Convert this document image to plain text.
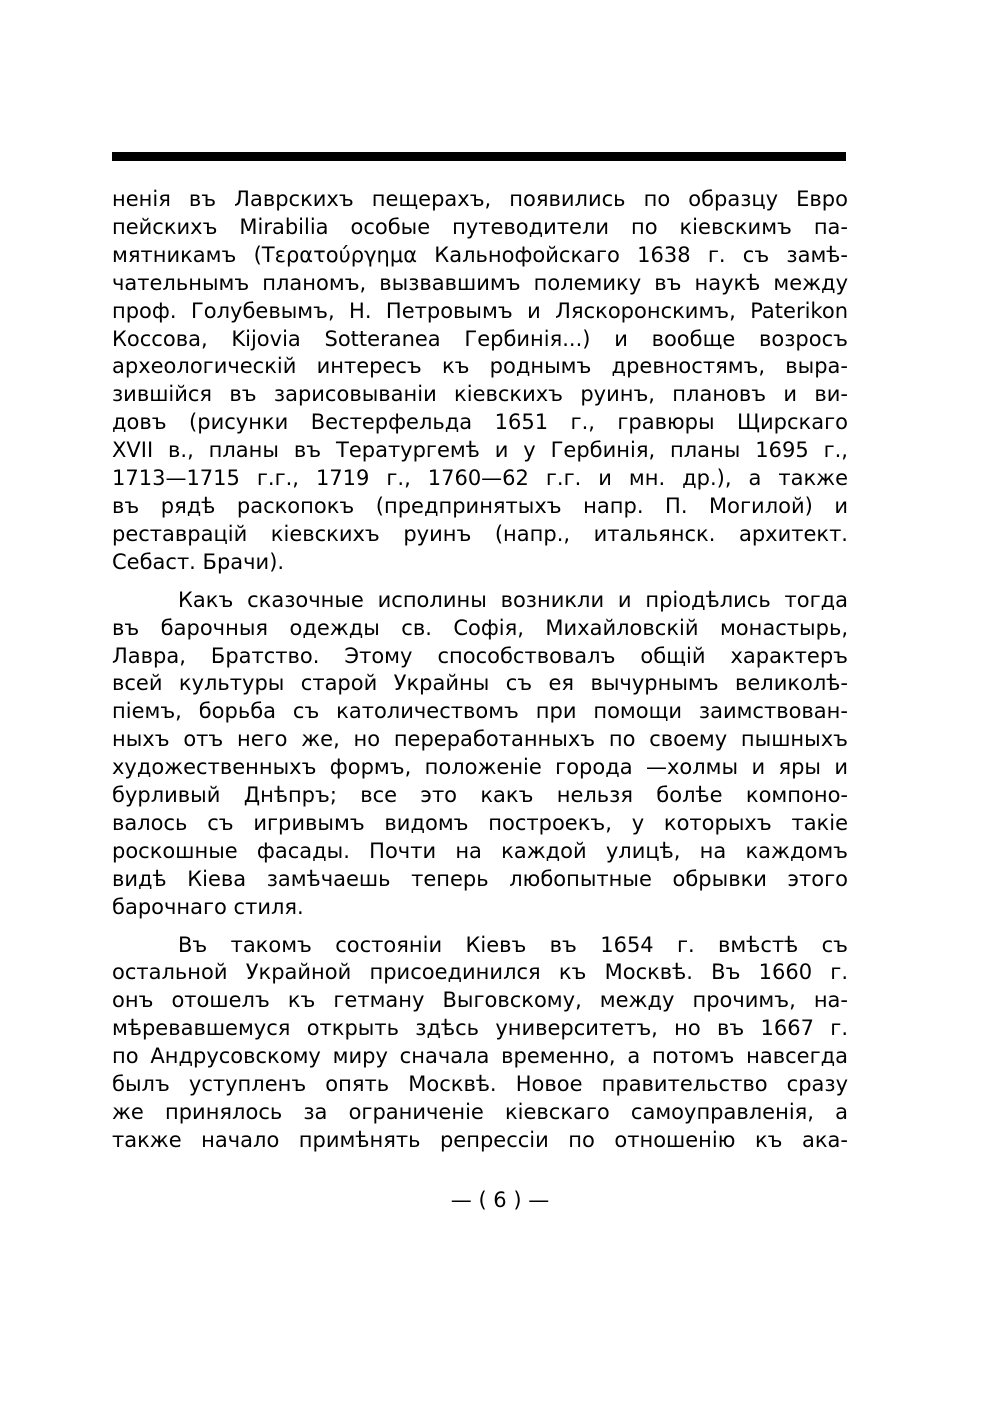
ненія въ Лаврскихъ пещерахъ, появились по образцу Евро
пейскихъ Mirabilia особые путеводители по кіевскимъ па-
мятникамъ (Τερατούργημα Кальнофойскаго 1638 г. съ замѣ-
чательнымъ планомъ, вызвавшимъ полемику въ наукѣ между
проф. Голубевымъ, Н. Петровымъ и Ляскоронскимъ, Paterikon
Коссова, Kijovia Sotteranea Гербинія...) и вообще возросъ
археологическій интересъ къ роднымъ древностямъ, выра-
зившійся въ зарисовываніи кіевскихъ руинъ, плановъ и ви-
довъ (рисунки Вестерфельда 1651 г., гравюры Щирскаго
XVII в., планы въ Тератургемѣ и у Гербинія, планы 1695 г.,
1713—1715 г.г., 1719 г., 1760—62 г.г. и мн. др.), а также
въ рядѣ раскопокъ (предпринятыхъ напр. П. Могилой) и
реставрацій кіевскихъ руинъ (напр., итальянск. архитект.
Себаст. Брачи).
Какъ сказочные исполины возникли и пріодѣлись тогда
въ барочныя одежды св. Софія, Михайловскій монастырь,
Лавра, Братство. Этому способствовалъ общій характеръ
всей культуры старой Украйны съ ея вычурнымъ великолѣ-
піемъ, борьба съ католичествомъ при помощи заимствован-
ныхъ отъ него же, но переработанныхъ по своему пышныхъ
художественныхъ формъ, положеніе города —холмы и яры и
бурливый Днѣпръ; все это какъ нельзя болѣе компоно-
валось съ игривымъ видомъ построекъ, у которыхъ такіе
роскошные фасады. Почти на каждой улицѣ, на каждомъ
видѣ Кіева замѣчаешь теперь любопытные обрывки этого
барочнаго стиля.
Въ такомъ состояніи Кіевъ въ 1654 г. вмѣстѣ съ
остальной Украйной присоединился къ Москвѣ. Въ 1660 г.
онъ отошелъ къ гетману Выговскому, между прочимъ, на-
мѣревавшемуся открыть здѣсь университетъ, но въ 1667 г.
по Андрусовскому миру сначала временно, а потомъ навсегда
былъ уступленъ опять Москвѣ. Новое правительство сразу
же принялось за ограниченіе кіевскаго самоуправленія, а
также начало примѣнять репрессіи по отношенію къ ака-
— ( 6 ) —
